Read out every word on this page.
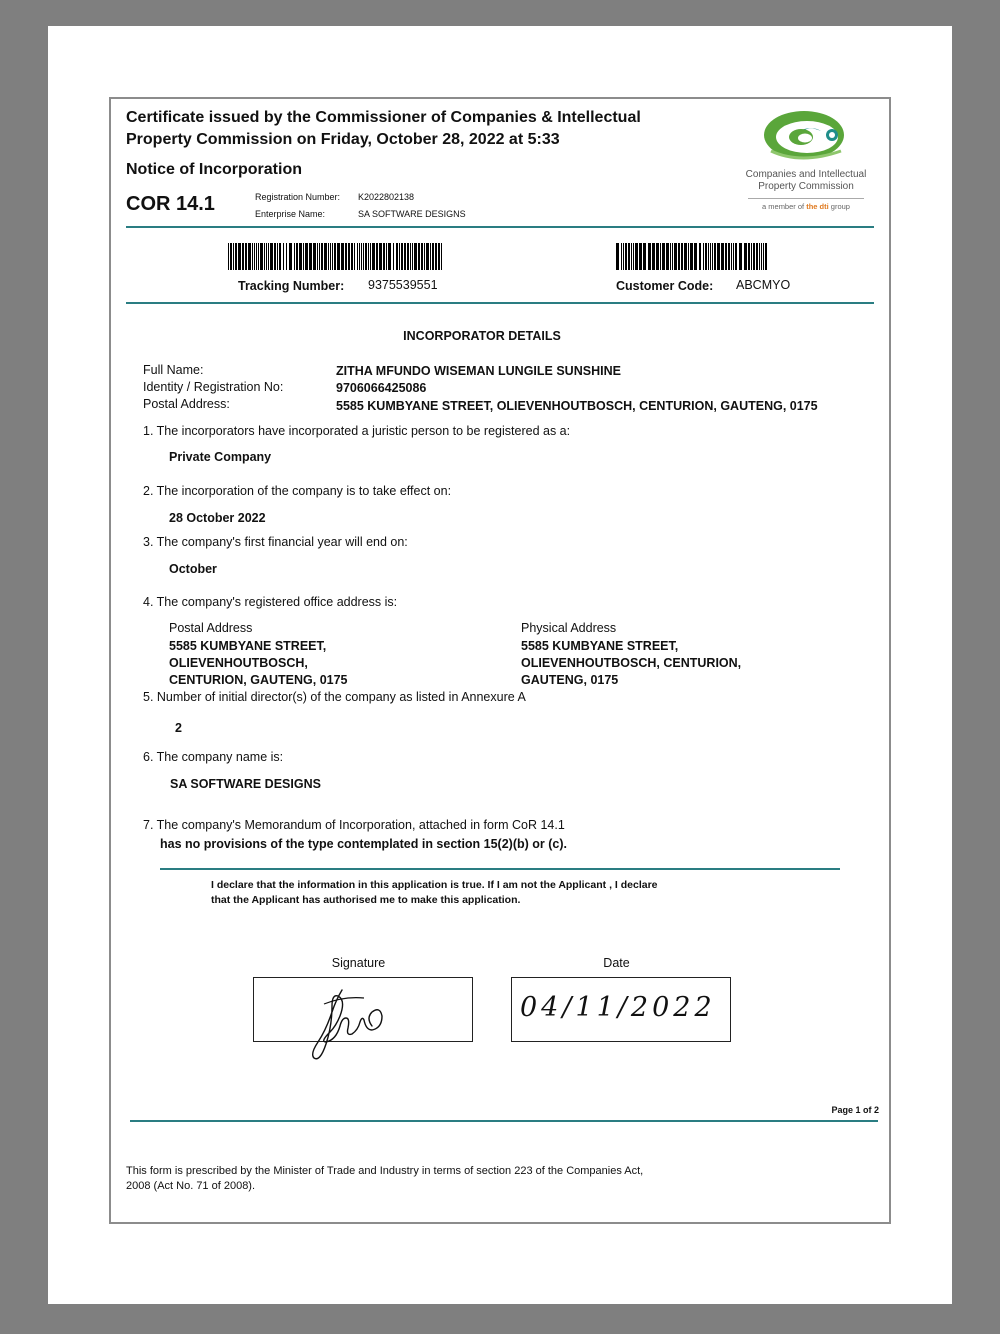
Certificate issued by the Commissioner of Companies & Intellectual
Property Commission on Friday, October 28, 2022 at 5:33
Notice of Incorporation
COR 14.1	Registration Number: K2022802138
Enterprise Name:	SA SOFTWARE DESIGNS
Companies and Intellectual
Property Commission
a member of the dti group
Tracking Number: 9375539551	Customer Code: ABCMYO
INCORPORATOR DETAILS
Full Name:	ZITHA MFUNDO WISEMAN LUNGILE SUNSHINE
Identity / Registration No:	9706066425086
Postal Address:	5585 KUMBYANE STREET, OLIEVENHOUTBOSCH, CENTURION, GAUTENG, 0175
1. The incorporators have incorporated a juristic person to be registered as a:
Private Company
2. The incorporation of the company is to take effect on:
28 October 2022
3. The company's first financial year will end on:
October
4. The company's registered office address is:
Postal Address
5585 KUMBYANE STREET,
OLIEVENHOUTBOSCH,
CENTURION, GAUTENG, 0175
Physical Address
5585 KUMBYANE STREET,
OLIEVENHOUTBOSCH, CENTURION,
GAUTENG, 0175
5. Number of initial director(s) of the company as listed in Annexure A
2
6. The company name is:
SA SOFTWARE DESIGNS
7. The company's Memorandum of Incorporation, attached in form CoR 14.1
has no provisions of the type contemplated in section 15(2)(b) or (c).
I declare that the information in this application is true. If I am not the Applicant , I declare
that the Applicant has authorised me to make this application.
Signature	Date
04/11/2022
Page 1 of 2
This form is prescribed by the Minister of Trade and Industry in terms of section 223 of the Companies Act,
2008 (Act No. 71 of 2008).
